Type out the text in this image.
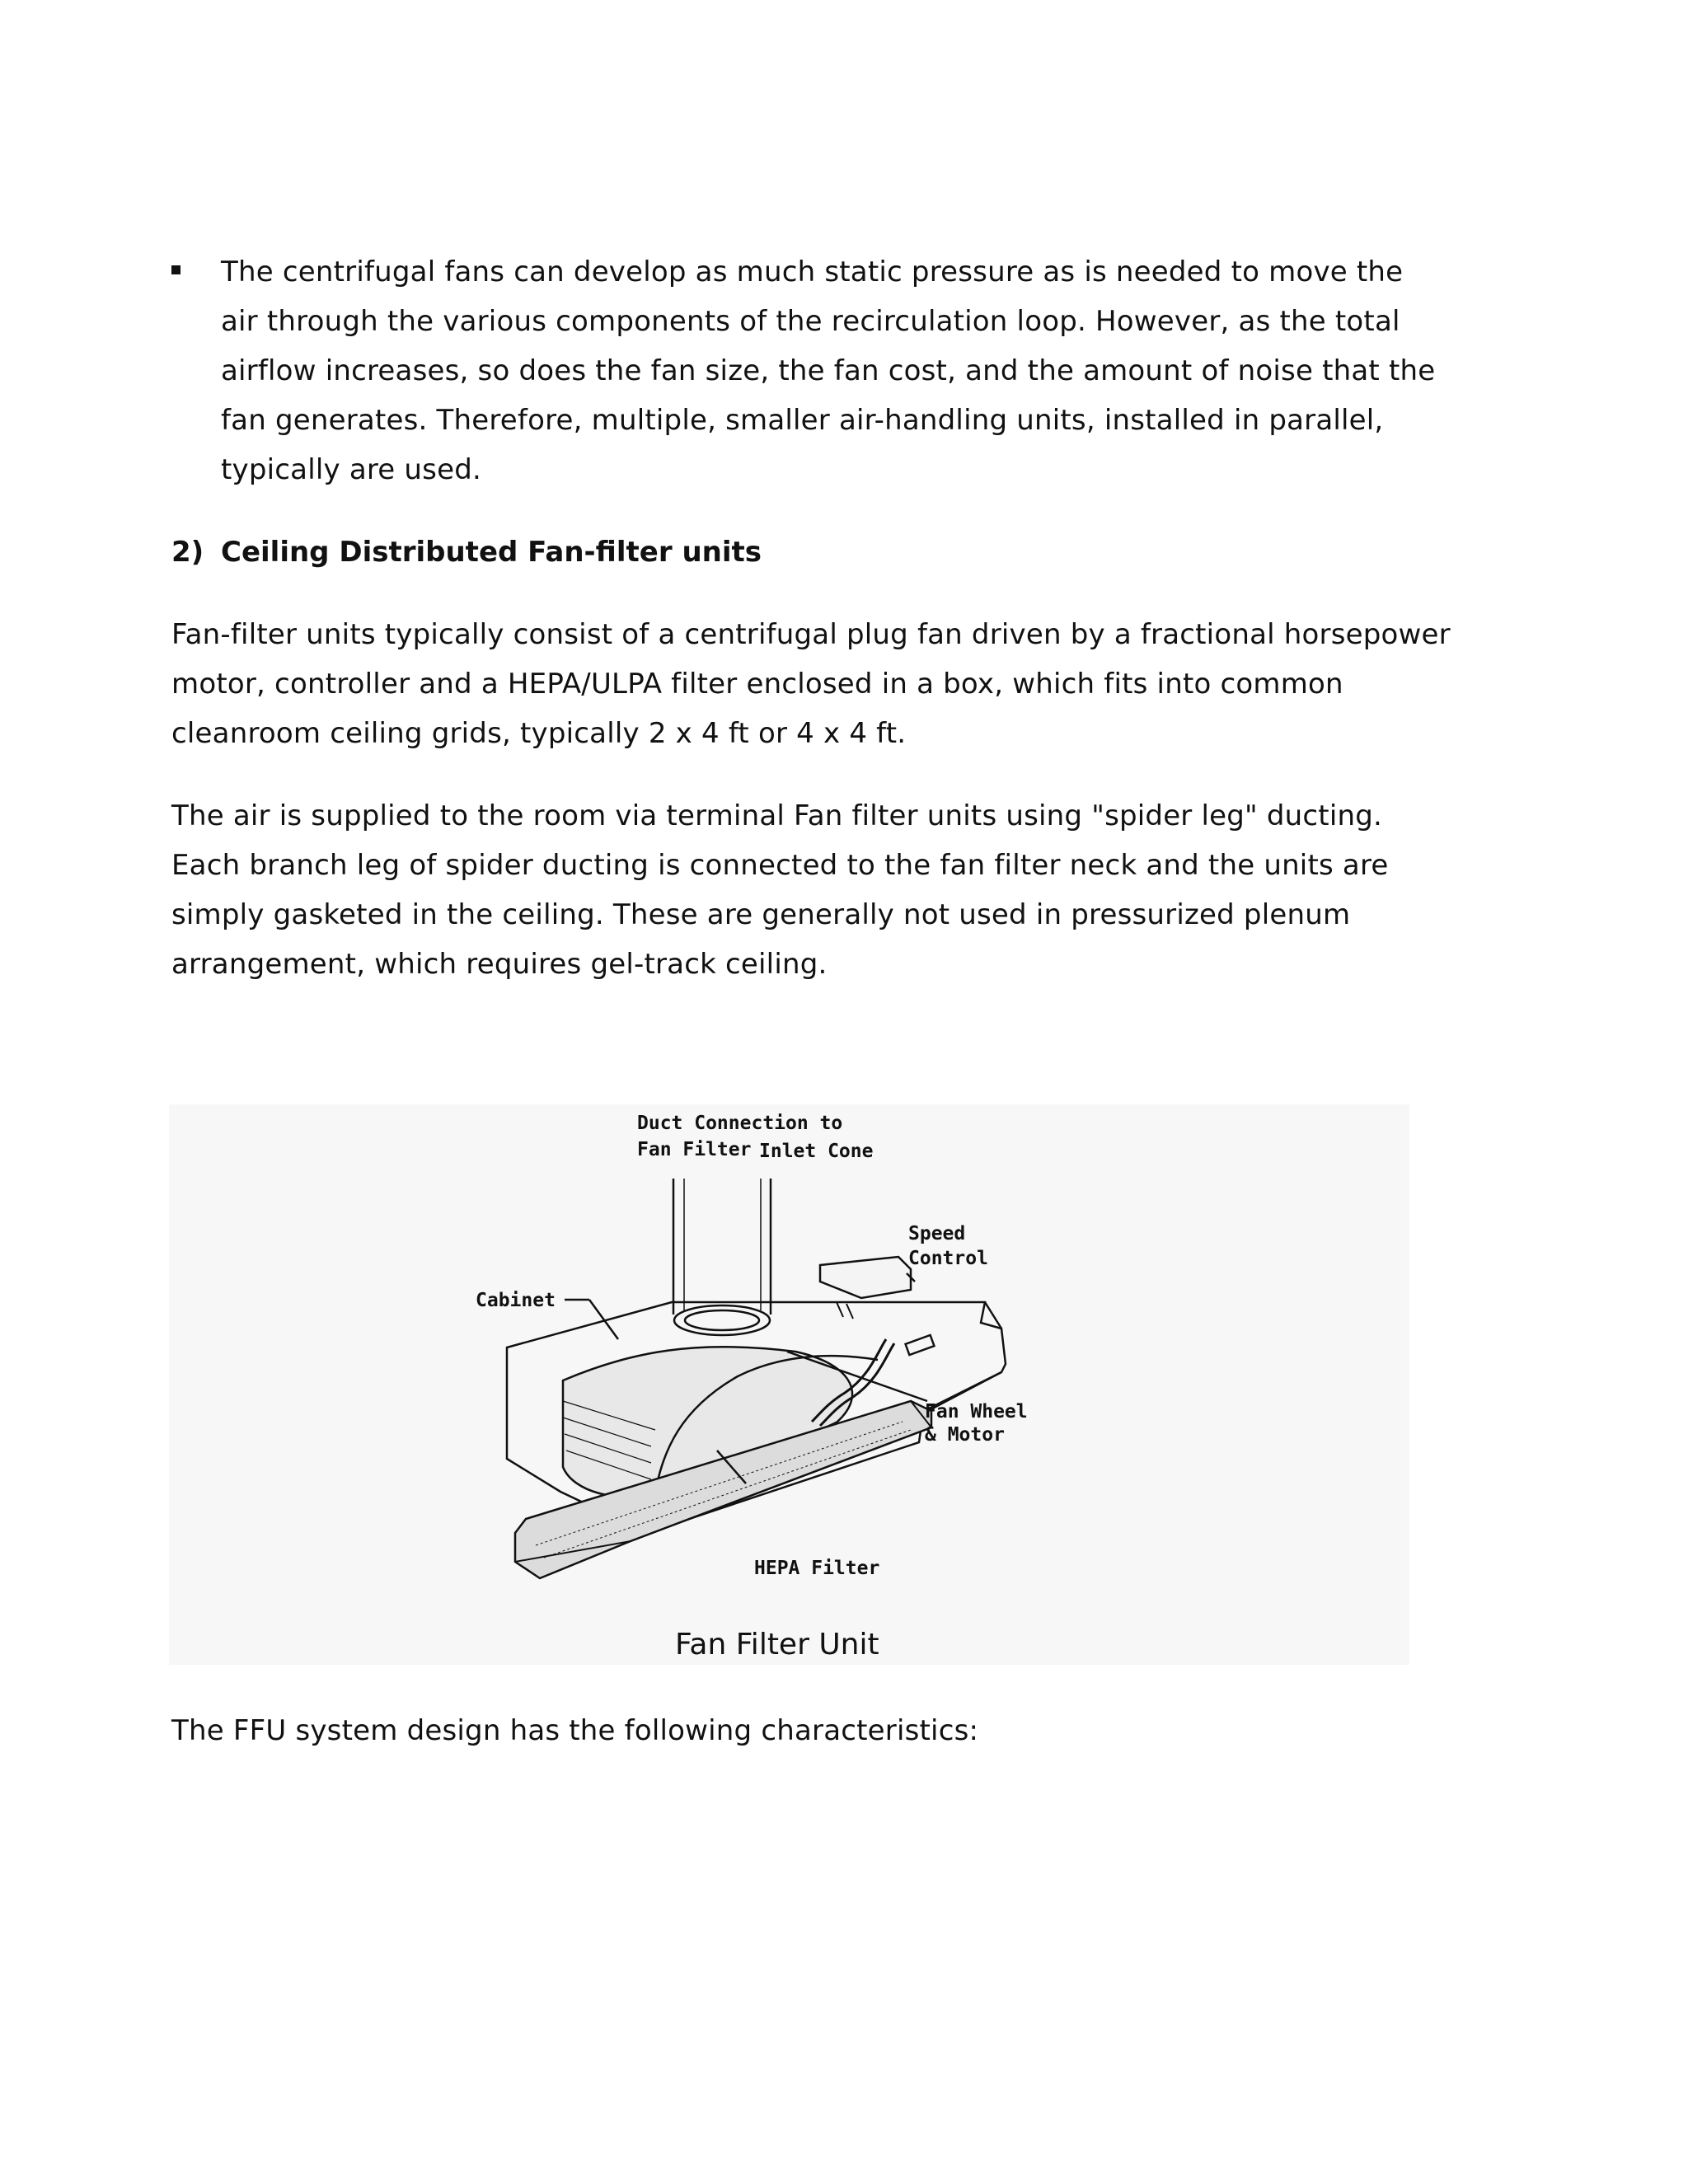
The centrifugal fans can develop as much static pressure as is needed to move the air through the various components of the recirculation loop. However, as the total airflow increases, so does the fan size, the fan cost, and the amount of noise that the fan generates. Therefore, multiple, smaller air-handling units, installed in parallel, typically are used.
2) Ceiling Distributed Fan-filter units
Fan-filter units typically consist of a centrifugal plug fan driven by a fractional horsepower motor, controller and a HEPA/ULPA filter enclosed in a box, which fits into common cleanroom ceiling grids, typically 2 x 4 ft or 4 x 4 ft.
The air is supplied to the room via terminal Fan filter units using "spider leg" ducting. Each branch leg of spider ducting is connected to the fan filter neck and the units are simply gasketed in the ceiling. These are generally not used in pressurized plenum arrangement, which requires gel-track ceiling.
Duct Connection to
Fan Filter Inlet Cone
Speed
Control
Cabinet
Fan Wheel
& Motor
HEPA Filter
Fan Filter Unit
The FFU system design has the following characteristics:
